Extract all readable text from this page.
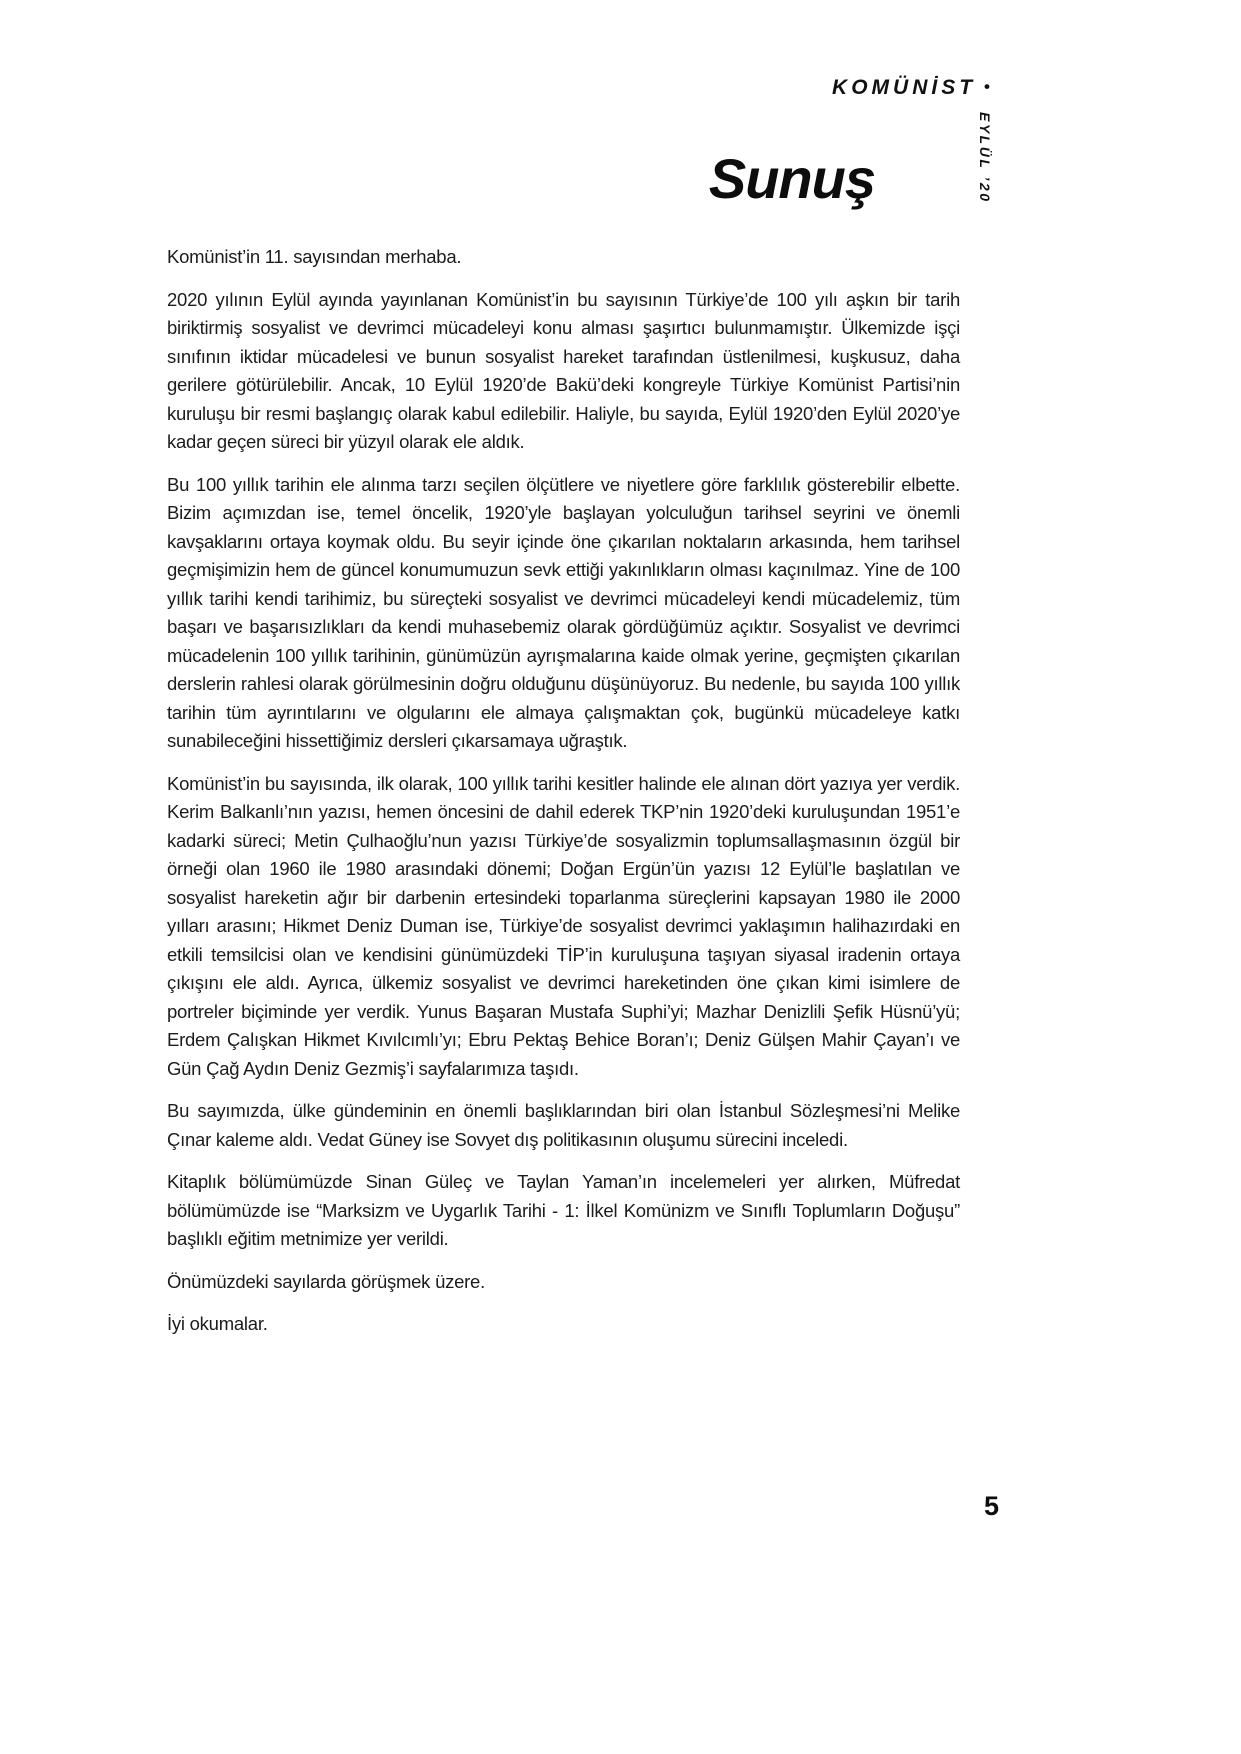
KOMÜNİST •
EYLÜL ’20
Sunuş

Komünist’in 11. sayısından merhaba.

2020 yılının Eylül ayında yayınlanan Komünist’in bu sayısının Türkiye’de 100 yılı aşkın bir tarih biriktirmiş sosyalist ve devrimci mücadeleyi konu alması şaşırtıcı bulunmamıştır. Ülkemizde işçi sınıfının iktidar mücadelesi ve bunun sosyalist hareket tarafından üstlenilmesi, kuşkusuz, daha gerilere götürülebilir. Ancak, 10 Eylül 1920’de Bakü’deki kongreyle Türkiye Komünist Partisi’nin kuruluşu bir resmi başlangıç olarak kabul edilebilir. Haliyle, bu sayıda, Eylül 1920’den Eylül 2020’ye kadar geçen süreci bir yüzyıl olarak ele aldık.

Bu 100 yıllık tarihin ele alınma tarzı seçilen ölçütlere ve niyetlere göre farklılık gösterebilir elbette. Bizim açımızdan ise, temel öncelik, 1920’yle başlayan yolculuğun tarihsel seyrini ve önemli kavşaklarını ortaya koymak oldu. Bu seyir içinde öne çıkarılan noktaların arkasında, hem tarihsel geçmişimizin hem de güncel konumumuzun sevk ettiği yakınlıkların olması kaçınılmaz. Yine de 100 yıllık tarihi kendi tarihimiz, bu süreçteki sosyalist ve devrimci mücadeleyi kendi mücadelemiz, tüm başarı ve başarısızlıkları da kendi muhasebemiz olarak gördüğümüz açıktır. Sosyalist ve devrimci mücadelenin 100 yıllık tarihinin, günümüzün ayrışmalarına kaide olmak yerine, geçmişten çıkarılan derslerin rahlesi olarak görülmesinin doğru olduğunu düşünüyoruz. Bu nedenle, bu sayıda 100 yıllık tarihin tüm ayrıntılarını ve olgularını ele almaya çalışmaktan çok, bugünkü mücadeleye katkı sunabileceğini hissettiğimiz dersleri çıkarsamaya uğraştık.

Komünist’in bu sayısında, ilk olarak, 100 yıllık tarihi kesitler halinde ele alınan dört yazıya yer verdik. Kerim Balkanlı’nın yazısı, hemen öncesini de dahil ederek TKP’nin 1920’deki kuruluşundan 1951’e kadarki süreci; Metin Çulhaoğlu’nun yazısı Türkiye’de sosyalizmin toplumsallaşmasının özgül bir örneği olan 1960 ile 1980 arasındaki dönemi; Doğan Ergün’ün yazısı 12 Eylül’le başlatılan ve sosyalist hareketin ağır bir darbenin ertesindeki toparlanma süreçlerini kapsayan 1980 ile 2000 yılları arasını; Hikmet Deniz Duman ise, Türkiye’de sosyalist devrimci yaklaşımın halihazırdaki en etkili temsilcisi olan ve kendisini günümüzdeki TİP’in kuruluşuna taşıyan siyasal iradenin ortaya çıkışını ele aldı. Ayrıca, ülkemiz sosyalist ve devrimci hareketinden öne çıkan kimi isimlere de portreler biçiminde yer verdik. Yunus Başaran Mustafa Suphi’yi; Mazhar Denizlili Şefik Hüsnü’yü; Erdem Çalışkan Hikmet Kıvılcımlı’yı; Ebru Pektaş Behice Boran’ı; Deniz Gülşen Mahir Çayan’ı ve Gün Çağ Aydın Deniz Gezmiş’i sayfalarımıza taşıdı.

Bu sayımızda, ülke gündeminin en önemli başlıklarından biri olan İstanbul Sözleşmesi’ni Melike Çınar kaleme aldı. Vedat Güney ise Sovyet dış politikasının oluşumu sürecini inceledi.

Kitaplık bölümümüzde Sinan Güleç ve Taylan Yaman’ın incelemeleri yer alırken, Müfredat bölümümüzde ise “Marksizm ve Uygarlık Tarihi - 1: İlkel Komünizm ve Sınıflı Toplumların Doğuşu” başlıklı eğitim metnimize yer verildi.

Önümüzdeki sayılarda görüşmek üzere.

İyi okumalar.

5
